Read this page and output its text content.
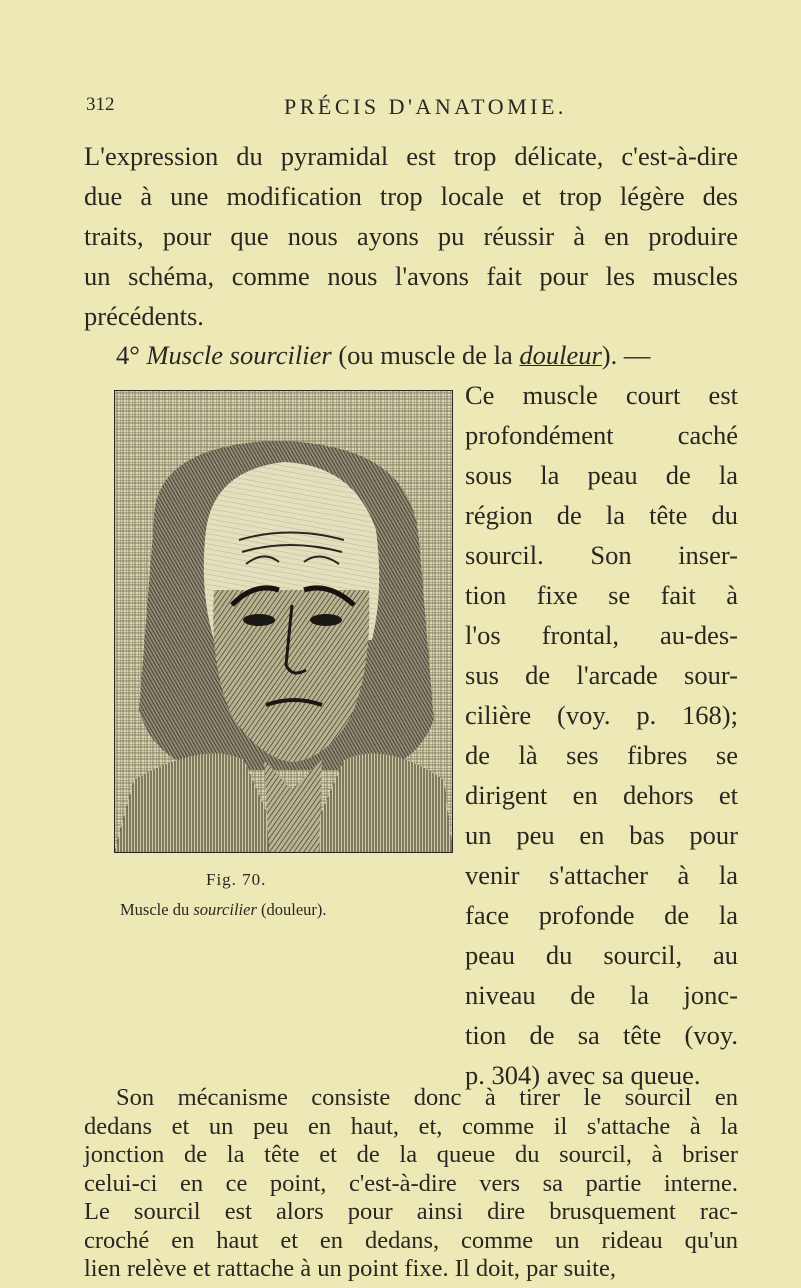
312	PRÉCIS D'ANATOMIE.
L'expression du pyramidal est trop délicate, c'est-à-dire
due à une modification trop locale et trop légère des
traits, pour que nous ayons pu réussir à en produire
un schéma, comme nous l'avons fait pour les muscles
précédents.
4° Muscle sourcilier (ou muscle de la douleur). —
Ce muscle court est
profondément caché
sous la peau de la
région de la tête du
sourcil. Son inser-
tion fixe se fait à
l'os frontal, au-des-
sus de l'arcade sour-
cilière (voy. p. 168);
de là ses fibres se
dirigent en dehors et
un peu en bas pour
venir s'attacher à la
face profonde de la
peau du sourcil, au
niveau de la jonc-
tion de sa tête (voy.
p. 304) avec sa queue.
Fig. 70.
Muscle du sourcilier (douleur).
Son mécanisme consiste donc à tirer le sourcil en
dedans et un peu en haut, et, comme il s'attache à la
jonction de la tête et de la queue du sourcil, à briser
celui-ci en ce point, c'est-à-dire vers sa partie interne.
Le sourcil est alors pour ainsi dire brusquement rac-
croché en haut et en dedans, comme un rideau qu'un
lien relève et rattache à un point fixe. Il doit, par suite,
